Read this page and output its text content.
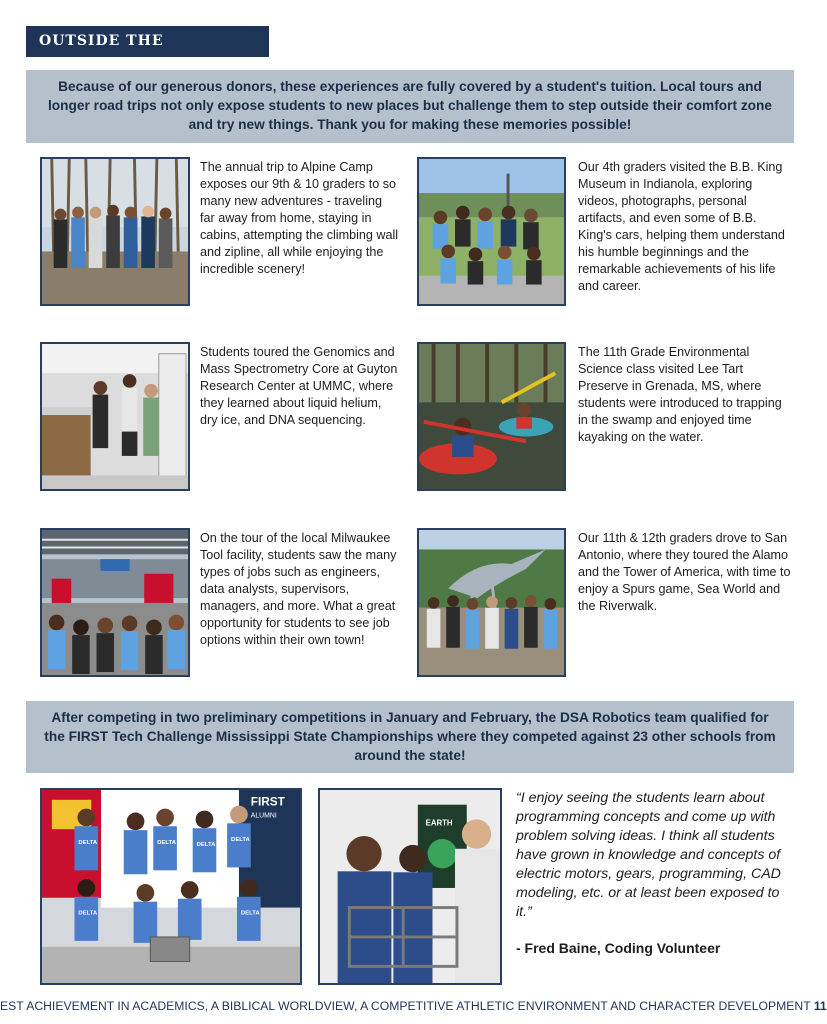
OUTSIDE THE
Because of our generous donors, these experiences are fully covered by a student's tuition. Local tours and longer road trips not only expose students to new places but challenge them to step outside their comfort zone and try new things. Thank you for making these memories possible!
The annual trip to Alpine Camp exposes our 9th & 10 graders to so many new adventures - traveling far away from home, staying in cabins, attempting the climbing wall and zipline, all while enjoying the incredible scenery!
Our 4th graders visited the B.B. King Museum in Indianola, exploring videos, photographs, personal artifacts, and even some of B.B. King's cars, helping them understand his humble beginnings and the remarkable achievements of his life and career.
Students toured the Genomics and Mass Spectrometry Core at Guyton Research Center at UMMC, where they learned about liquid helium, dry ice, and DNA sequencing.
The 11th Grade Environmental Science class visited Lee Tart Preserve in Grenada, MS, where students were introduced to trapping in the swamp and enjoyed time kayaking on the water.
On the tour of the local Milwaukee Tool facility, students saw the many types of jobs such as engineers, data analysts, supervisors, managers, and more. What a great opportunity for students to see job options within their own town!
Our 11th & 12th graders drove to San Antonio, where they toured the Alamo and the Tower of America, with time to enjoy a Spurs game, Sea World and the Riverwalk.
After competing in two preliminary competitions in January and February, the DSA Robotics team qualified for the FIRST Tech Challenge Mississippi State Championships where they competed against 23 other schools from around the state!
FIRST
ALUMNI
DELTA	DELTA	DELTA
DELTA
DELTA	DELTA
EARTH
“I enjoy seeing the students learn about programming concepts and come up with problem solving ideas. I think all students have grown in knowledge and concepts of electric motors, gears, programming, CAD modeling, etc. or at least been exposed to it.”
- Fred Baine, Coding Volunteer
EST ACHIEVEMENT IN ACADEMICS, A BIBLICAL WORLDVIEW, A COMPETITIVE ATHLETIC ENVIRONMENT AND CHARACTER DEVELOPMENT 11
